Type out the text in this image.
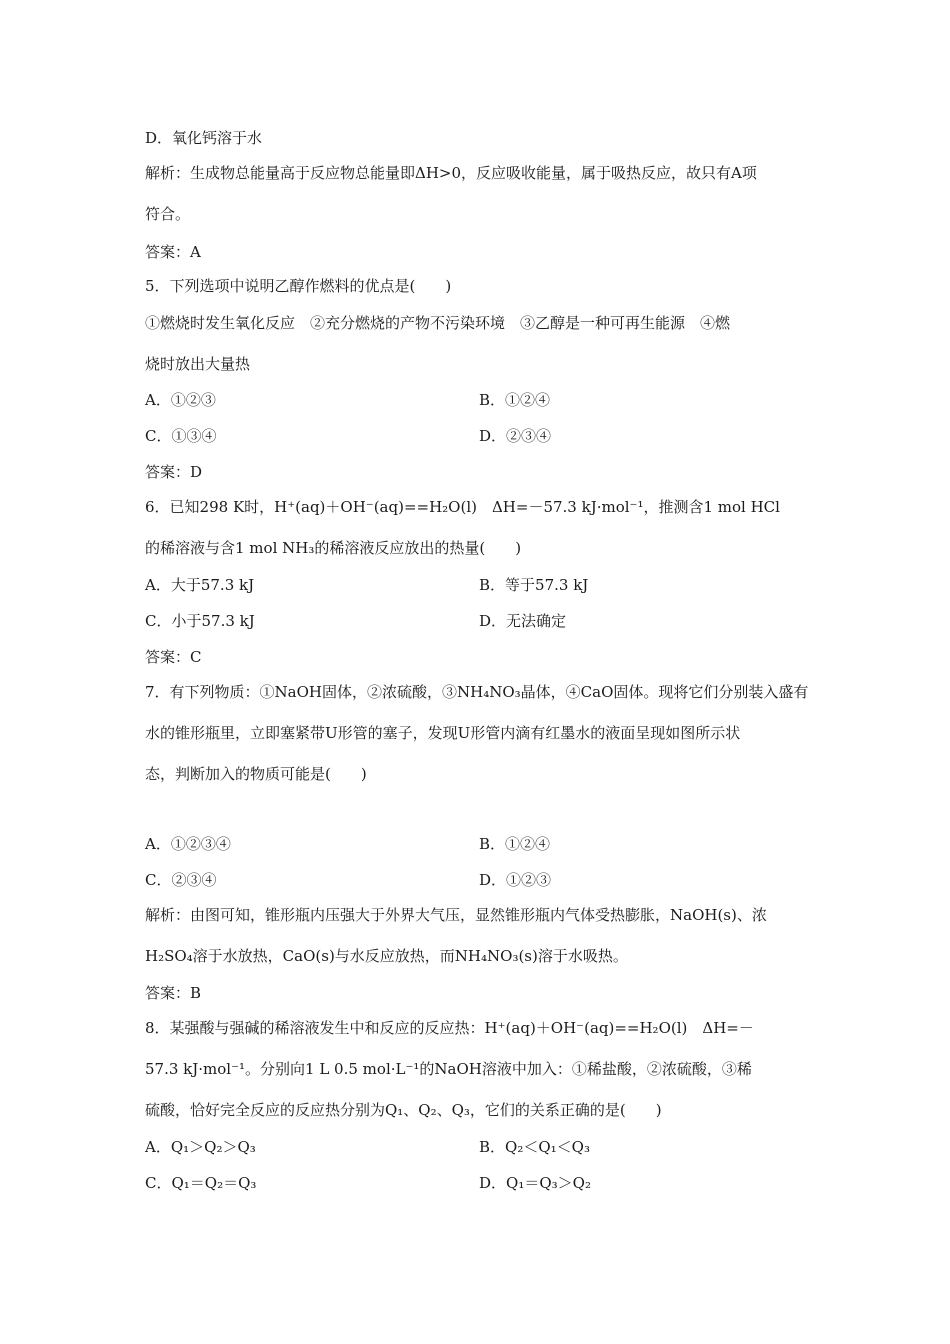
D．氧化钙溶于水
解析：生成物总能量高于反应物总能量即ΔH>0，反应吸收能量，属于吸热反应，故只有A项
符合。
答案：A
5．下列选项中说明乙醇作燃料的优点是(　　)
①燃烧时发生氧化反应　②充分燃烧的产物不污染环境　③乙醇是一种可再生能源　④燃
烧时放出大量热
A．①②③	B．①②④
C．①③④	D．②③④
答案：D
6．已知298 K时，H⁺(aq)＋OH⁻(aq)==H₂O(l)　ΔH=－57.3 kJ·mol⁻¹，推测含1 mol HCl
的稀溶液与含1 mol NH₃的稀溶液反应放出的热量(　　)
A．大于57.3 kJ	B．等于57.3 kJ
C．小于57.3 kJ	D．无法确定
答案：C
7．有下列物质：①NaOH固体，②浓硫酸，③NH₄NO₃晶体，④CaO固体。现将它们分别装入盛有
水的锥形瓶里，立即塞紧带U形管的塞子，发现U形管内滴有红墨水的液面呈现如图所示状
态，判断加入的物质可能是(　　)
A．①②③④	B．①②④
C．②③④	D．①②③
解析：由图可知，锥形瓶内压强大于外界大气压，显然锥形瓶内气体受热膨胀，NaOH(s)、浓
H₂SO₄溶于水放热，CaO(s)与水反应放热，而NH₄NO₃(s)溶于水吸热。
答案：B
8．某强酸与强碱的稀溶液发生中和反应的反应热：H⁺(aq)＋OH⁻(aq)==H₂O(l)　ΔH=－
57.3 kJ·mol⁻¹。分别向1 L 0.5 mol·L⁻¹的NaOH溶液中加入：①稀盐酸，②浓硫酸，③稀
硫酸，恰好完全反应的反应热分别为Q₁、Q₂、Q₃，它们的关系正确的是(　　)
A．Q₁＞Q₂＞Q₃	B．Q₂＜Q₁＜Q₃
C．Q₁＝Q₂＝Q₃	D．Q₁＝Q₃＞Q₂
